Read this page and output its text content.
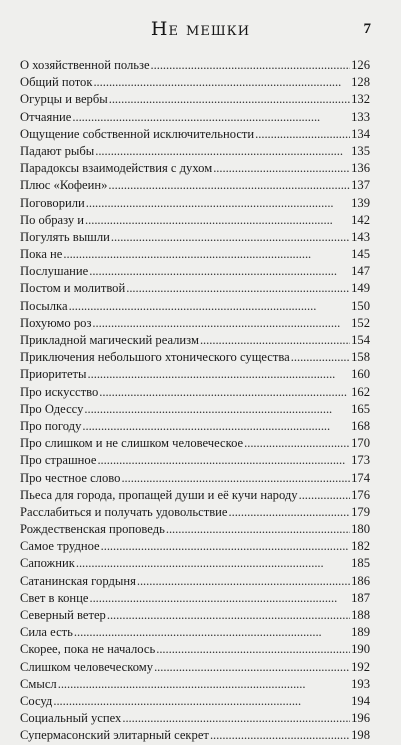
Не мешки	7
О хозяйственной пользе . . .	126
Общий поток . . .	128
Огурцы и вербы . . .	132
Отчаяние . . .	133
Ощущение собственной исключительности . . .	134
Падают рыбы . . .	135
Парадоксы взаимодействия с духом . . .	136
Плюс «Кофеин» . . .	137
Поговорили . . .	139
По образу и . . .	142
Погулять вышли . . .	143
Пока не . . .	145
Послушание . . .	147
Постом и молитвой . . .	149
Посылка . . .	150
Похуюмо роз . . .	152
Прикладной магический реализм . . .	154
Приключения небольшого хтонического существа . . .	158
Приоритеты . . .	160
Про искусство . . .	162
Про Одессу . . .	165
Про погоду . . .	168
Про слишком и не слишком человеческое . . .	170
Про страшное . . .	173
Про честное слово . . .	174
Пьеса для города, пропащей души и её кучи народу . . .	176
Расслабиться и получать удовольствие . . .	179
Рождественская проповедь . . .	180
Самое трудное . . .	182
Сапожник . . .	185
Сатанинская гордыня . . .	186
Свет в конце . . .	187
Северный ветер . . .	188
Сила есть . . .	189
Скорее, пока не началось . . .	190
Слишком человеческому . . .	192
Смысл . . .	193
Сосуд . . .	194
Социальный успех . . .	196
Супермасонский элитарный секрет . . .	198
